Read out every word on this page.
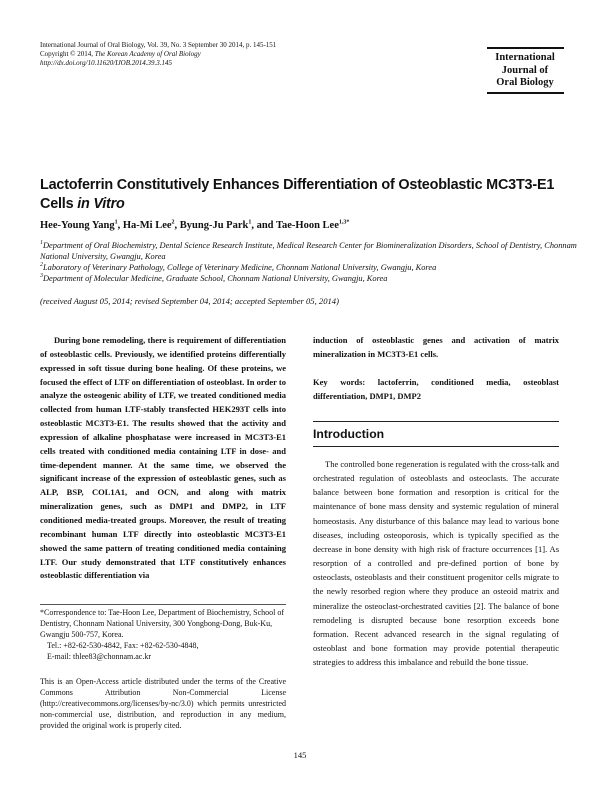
International Journal of Oral Biology, Vol. 39, No. 3 September 30 2014, p. 145-151
Copyright © 2014, The Korean Academy of Oral Biology
http://dx.doi.org/10.11620/IJOB.2014.39.3.145	International
Journal of
Oral Biology
Lactoferrin Constitutively Enhances Differentiation of Osteoblastic MC3T3-E1 Cells in Vitro
Hee-Young Yang$^1$, Ha-Mi Lee$^2$, Byung-Ju Park$^1$, and Tae-Hoon Lee$^{1,3*}$
$^1$Department of Oral Biochemistry, Dental Science Research Institute, Medical Research Center for Biomineralization Disorders, School of Dentistry, Chonnam National University, Gwangju, Korea
$^2$Laboratory of Veterinary Pathology, College of Veterinary Medicine, Chonnam National University, Gwangju, Korea
$^3$Department of Molecular Medicine, Graduate School, Chonnam National University, Gwangju, Korea
(received August 05, 2014; revised September 04, 2014; accepted September 05, 2014)
During bone remodeling, there is requirement of differentiation of osteoblastic cells. Previously, we identified proteins differentially expressed in soft tissue during bone healing. Of these proteins, we focused the effect of LTF on differentiation of osteoblast. In order to analyze the osteogenic ability of LTF, we treated conditioned media collected from human LTF-stably transfected HEK293T cells into osteoblastic MC3T3-E1. The results showed that the activity and expression of alkaline phosphatase were increased in MC3T3-E1 cells treated with conditioned media containing LTF in dose- and time-dependent manner. At the same time, we observed the significant increase of the expression of osteoblastic genes, such as ALP, BSP, COL1A1, and OCN, and along with matrix mineralization genes, such as DMP1 and DMP2, in LTF conditioned media-treated groups. Moreover, the result of treating recombinant human LTF directly into osteoblastic MC3T3-E1 showed the same pattern of treating conditioned media containing LTF. Our study demonstrated that LTF constitutively enhances osteoblastic differentiation via
induction of osteoblastic genes and activation of matrix mineralization in MC3T3-E1 cells.
Key words: lactoferrin, conditioned media, osteoblast differentiation, DMP1, DMP2
Introduction
The controlled bone regeneration is regulated with the cross-talk and orchestrated regulation of osteoblasts and osteoclasts. The accurate balance between bone formation and resorption is critical for the maintenance of bone mass density and systemic regulation of mineral homeostasis. Any disturbance of this balance may lead to various bone diseases, including osteoporosis, which is typically specified as the decrease in bone density with high risk of fracture occurrences [1]. As resorption of a controlled and pre-defined portion of bone by osteoclasts, osteoblasts and their constituent progenitor cells migrate to the newly resorbed region where they produce an osteoid matrix and mineralize the osteoclast-orchestrated cavities [2]. The balance of bone remodeling is disrupted because bone resorption exceeds bone formation. Recent advanced research in the signal regulating of osteoblast and bone formation may provide potential therapeutic strategies to address this imbalance and rebuild the bone tissue.
*Correspondence to: Tae-Hoon Lee, Department of Biochemistry, School of Dentistry, Chonnam National University, 300 Yongbong-Dong, Buk-Ku, Gwangju 500-757, Korea.
Tel.: +82-62-530-4842, Fax: +82-62-530-4848,
E-mail: thlee83@chonnam.ac.kr
This is an Open-Access article distributed under the terms of the Creative Commons Attribution Non-Commercial License (http://creativecommons.org/licenses/by-nc/3.0) which permits unrestricted non-commercial use, distribution, and reproduction in any medium, provided the original work is properly cited.
145
